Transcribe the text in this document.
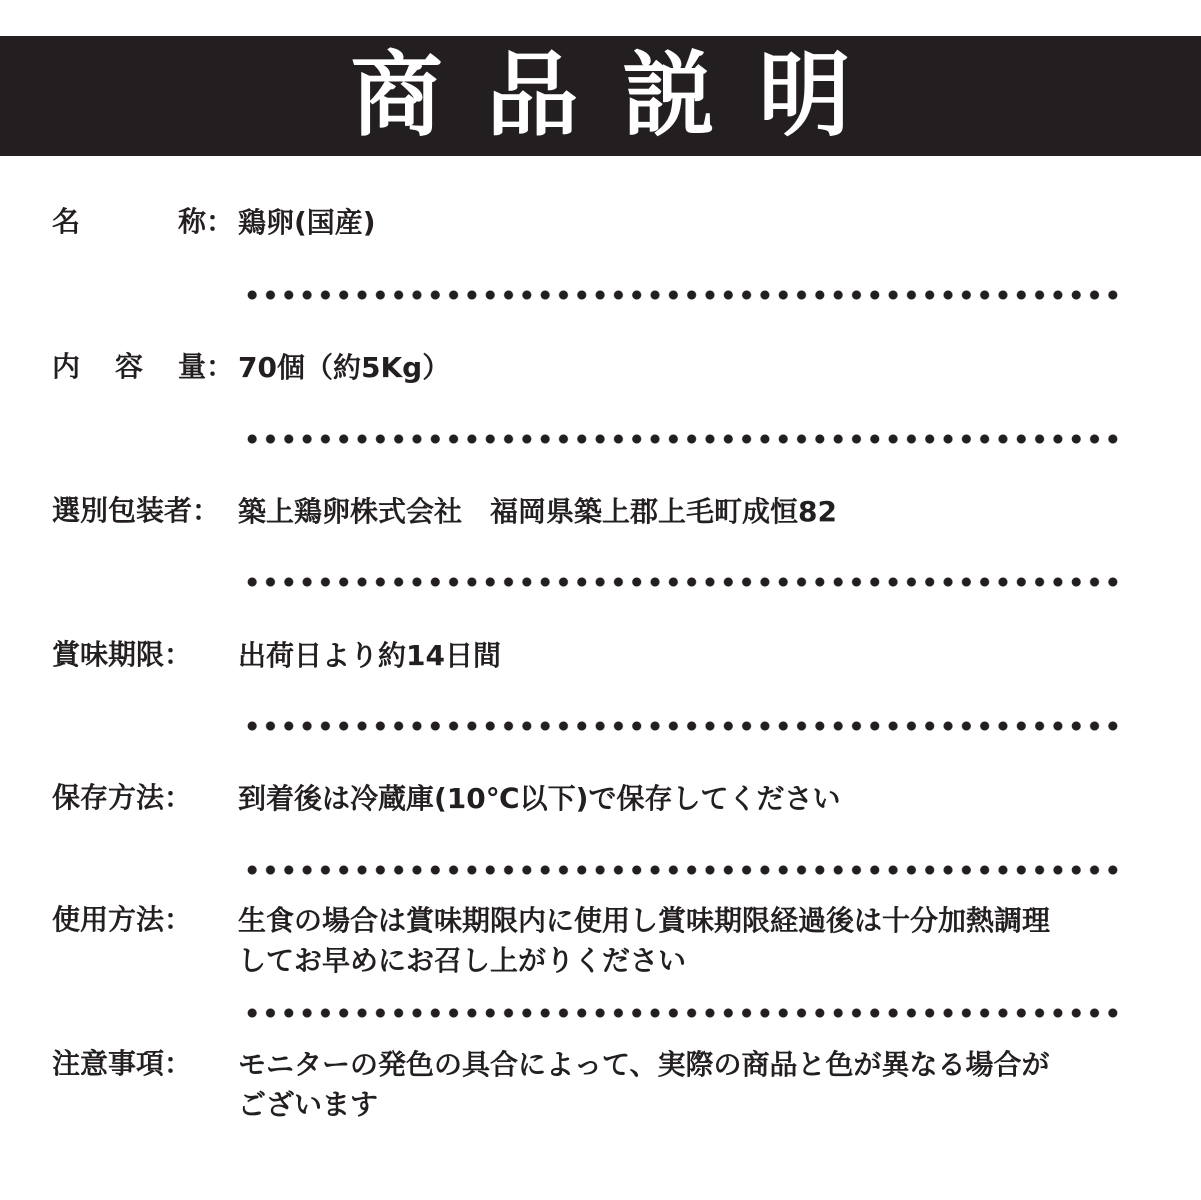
商品説明
名	称： 鶏卵(国産)
内 容 量： 70個（約5Kg）
選別包装者： 築上鶏卵株式会社　福岡県築上郡上毛町成恒82
賞味期限：	出荷日より約14日間
保存方法：	到着後は冷蔵庫(10℃以下)で保存してください
使用方法：	生食の場合は賞味期限内に使用し賞味期限経過後は十分加熱調理
してお早めにお召し上がりください
注意事項：	モニターの発色の具合によって、実際の商品と色が異なる場合が
ございます
